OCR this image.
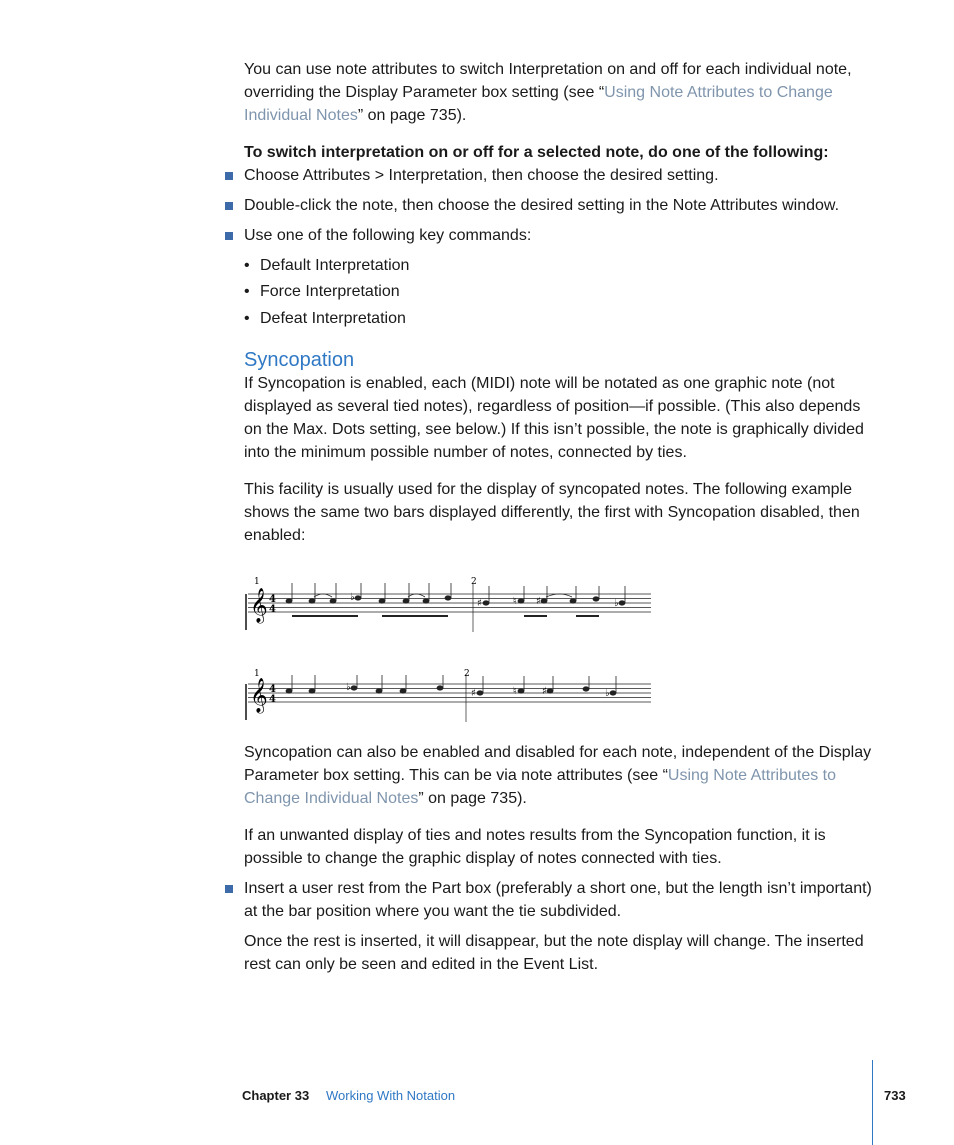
You can use note attributes to switch Interpretation on and off for each individual note, overriding the Display Parameter box setting (see “Using Note Attributes to Change Individual Notes” on page 735).

To switch interpretation on or off for a selected note, do one of the following:

Choose Attributes > Interpretation, then choose the desired setting.

Double-click the note, then choose the desired setting in the Note Attributes window.

Use one of the following key commands:

• Default Interpretation
• Force Interpretation
• Defeat Interpretation
Syncopation

If Syncopation is enabled, each (MIDI) note will be notated as one graphic note (not displayed as several tied notes), regardless of position—if possible. (This also depends on the Max. Dots setting, see below.) If this isn’t possible, the note is graphically divided into the minimum possible number of notes, connected by ties.

This facility is usually used for the display of syncopated notes. The following example shows the same two bars displayed differently, the first with Syncopation disabled, then enabled:

1	2
𝄞 4
4
♭
♯	♮ ♯	♭
1	2
𝄞 4
4
♭
♯	♮	♯	♭

Syncopation can also be enabled and disabled for each note, independent of the Display Parameter box setting. This can be via note attributes (see “Using Note Attributes to Change Individual Notes” on page 735).

If an unwanted display of ties and notes results from the Syncopation function, it is possible to change the graphic display of notes connected with ties.

Insert a user rest from the Part box (preferably a short one, but the length isn’t important) at the bar position where you want the tie subdivided.

Once the rest is inserted, it will disappear, but the note display will change. The inserted rest can only be seen and edited in the Event List.

Chapter 33 Working With Notation	733
